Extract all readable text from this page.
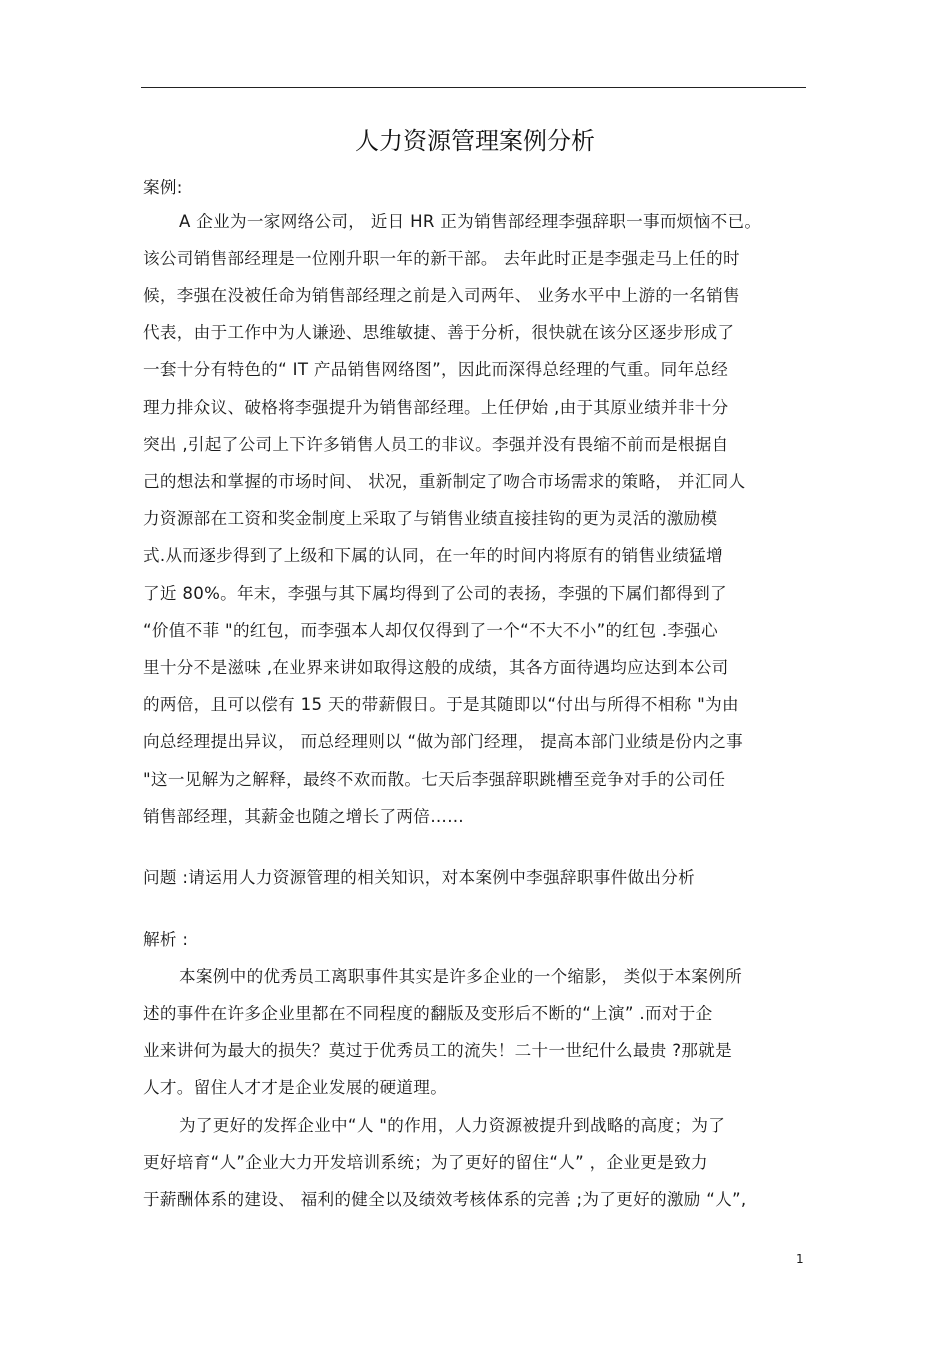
人力资源管理案例分析
案例:
A 企业为一家网络公司， 近日 HR 正为销售部经理李强辞职一事而烦恼不已。
该公司销售部经理是一位刚升职一年的新干部。 去年此时正是李强走马上任的时
候，李强在没被任命为销售部经理之前是入司两年、 业务水平中上游的一名销售
代表，由于工作中为人谦逊、思维敏捷、善于分析，很快就在该分区逐步形成了
一套十分有特色的“ IT 产品销售网络图”，因此而深得总经理的气重。同年总经
理力排众议、破格将李强提升为销售部经理。上任伊始 ,由于其原业绩并非十分
突出 ,引起了公司上下许多销售人员工的非议。李强并没有畏缩不前而是根据自
己的想法和掌握的市场时间、 状况，重新制定了吻合市场需求的策略， 并汇同人
力资源部在工资和奖金制度上采取了与销售业绩直接挂钩的更为灵活的激励模
式.从而逐步得到了上级和下属的认同，在一年的时间内将原有的销售业绩猛增
了近 80%。年末，李强与其下属均得到了公司的表扬，李强的下属们都得到了
“价值不菲 "的红包，而李强本人却仅仅得到了一个“不大不小”的红包 .李强心
里十分不是滋味 ,在业界来讲如取得这般的成绩，其各方面待遇均应达到本公司
的两倍，且可以偿有 15 天的带薪假日。于是其随即以“付出与所得不相称 "为由
向总经理提出异议， 而总经理则以 “做为部门经理， 提高本部门业绩是份内之事
"这一见解为之解释，最终不欢而散。七天后李强辞职跳槽至竞争对手的公司任
销售部经理，其薪金也随之增长了两倍……
问题 :请运用人力资源管理的相关知识，对本案例中李强辞职事件做出分析
解析 :
本案例中的优秀员工离职事件其实是许多企业的一个缩影， 类似于本案例所
述的事件在许多企业里都在不同程度的翻版及变形后不断的“上演” .而对于企
业来讲何为最大的损失？莫过于优秀员工的流失！二十一世纪什么最贵 ?那就是
人才。留住人才才是企业发展的硬道理。
为了更好的发挥企业中“人 "的作用，人力资源被提升到战略的高度；为了
更好培育“人”企业大力开发培训系统；为了更好的留住“人” ，企业更是致力
于薪酬体系的建设、 福利的健全以及绩效考核体系的完善 ;为了更好的激励 “人”,
1
